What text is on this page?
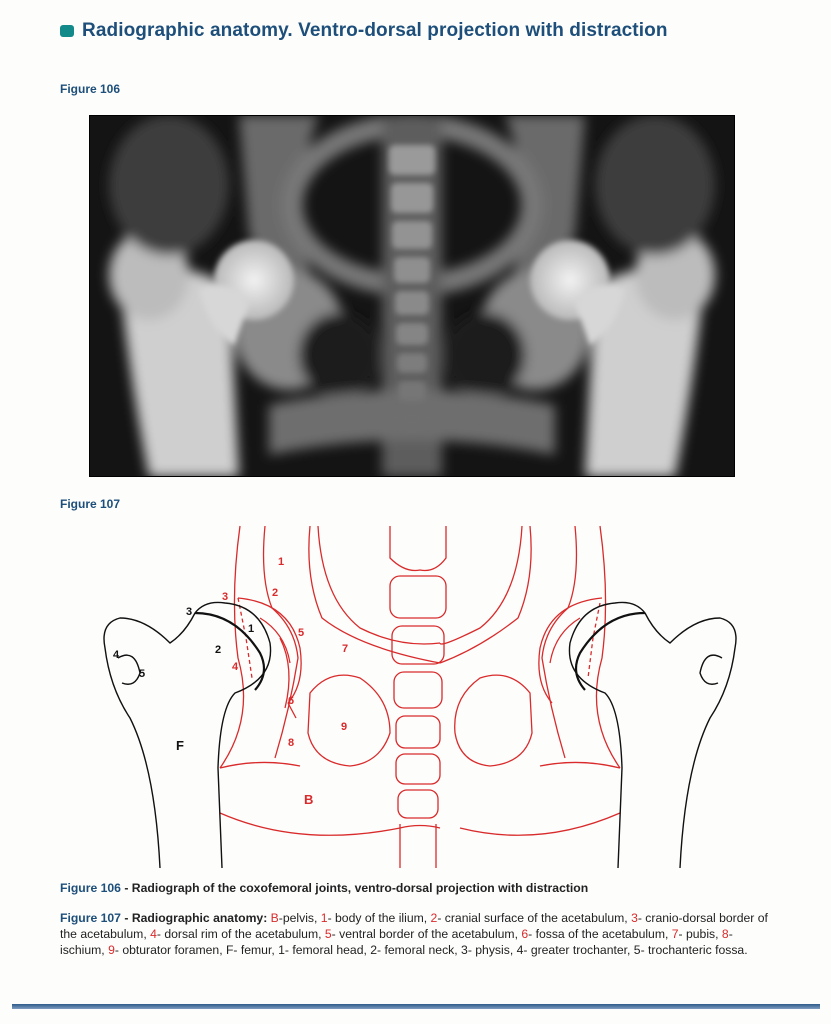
Radiographic anatomy. Ventro-dorsal projection with distraction
Figure 106
Figure 107
1
2
3
4
5
6
7
8
9
B
1
2
3
4
5
F
Figure 106 - Radiograph of the coxofemoral joints, ventro-dorsal projection with distraction
Figure 107 - Radiographic anatomy: B-pelvis, 1- body of the ilium, 2- cranial surface of the acetabulum, 3- cranio-dorsal border of the acetabulum, 4- dorsal rim of the acetabulum, 5- ventral border of the acetabulum, 6- fossa of the acetabulum, 7- pubis, 8- ischium, 9- obturator foramen, F- femur, 1- femoral head, 2- femoral neck, 3- physis, 4- greater trochanter, 5- trochanteric fossa.
